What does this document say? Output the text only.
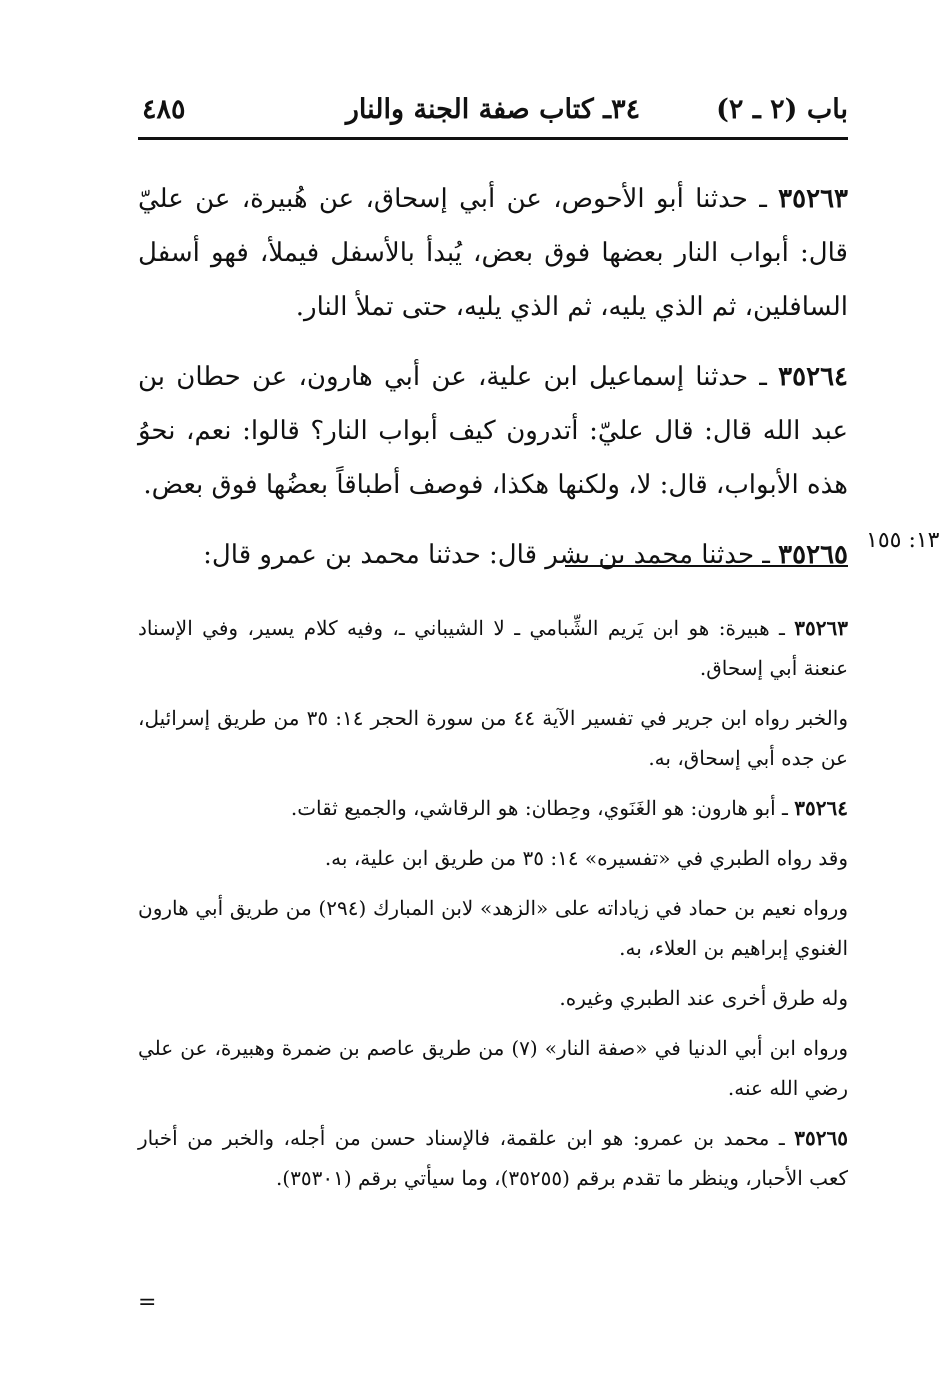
٤٨٥	٣٤ـ كتاب صفة الجنة والنار	باب (٢ ـ ٢)

٣٥٢٦٣ ـ حدثنا أبو الأحوص، عن أبي إسحاق، عن هُبيرة، عن عليّ قال: أبواب النار بعضها فوق بعض، يُبدأ بالأسفل فيملأ، فهو أسفل السافلين، ثم الذي يليه، ثم الذي يليه، حتى تملأ النار.

٣٥٢٦٤ ـ حدثنا إسماعيل ابن علية، عن أبي هارون، عن حطان بن عبد الله قال: قال عليّ: أتدرون كيف أبواب النار؟ قالوا: نعم، نحوُ هذه الأبواب، قال: لا، ولكنها هكذا، فوصف أطباقاً بعضُها فوق بعض.

٣٥٢٦٥ ـ حدثنا محمد بن بشر قال: حدثنا محمد بن عمرو قال:	١٣: ١٥٥

٣٥٢٦٣ ـ هبيرة: هو ابن يَريم الشِّبامي ـ لا الشيباني ـ، وفيه كلام يسير، وفي الإسناد عنعنة أبي إسحاق.

والخبر رواه ابن جرير في تفسير الآية ٤٤ من سورة الحجر ١٤: ٣٥ من طريق إسرائيل، عن جده أبي إسحاق، به.

٣٥٢٦٤ ـ أبو هارون: هو الغَنَوي، وحِطان: هو الرقاشي، والجميع ثقات.

وقد رواه الطبري في «تفسيره» ١٤: ٣٥ من طريق ابن علية، به.

ورواه نعيم بن حماد في زياداته على «الزهد» لابن المبارك (٢٩٤) من طريق أبي هارون الغنوي إبراهيم بن العلاء، به.

وله طرق أخرى عند الطبري وغيره.

ورواه ابن أبي الدنيا في «صفة النار» (٧) من طريق عاصم بن ضمرة وهبيرة، عن علي رضي الله عنه.

٣٥٢٦٥ ـ محمد بن عمرو: هو ابن علقمة، فالإسناد حسن من أجله، والخبر من أخبار كعب الأحبار، وينظر ما تقدم برقم (٣٥٢٥٥)، وما سيأتي برقم (٣٥٣٠١).

=
